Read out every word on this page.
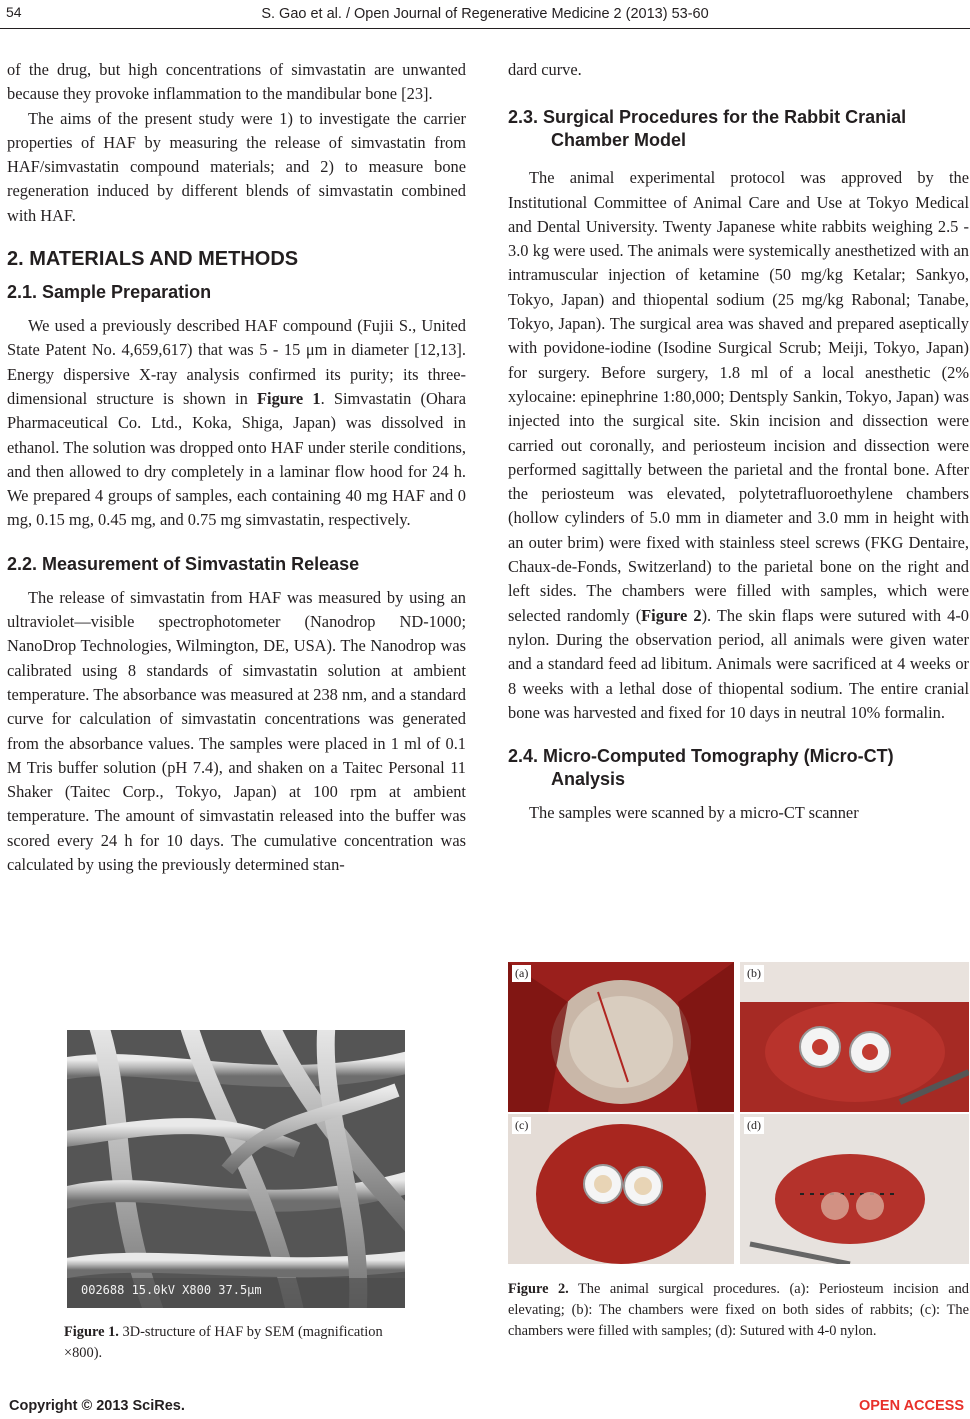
54	S. Gao et al. / Open Journal of Regenerative Medicine 2 (2013) 53-60

of the drug, but high concentrations of simvastatin are unwanted because they provoke inflammation to the mandibular bone [23].

The aims of the present study were 1) to investigate the carrier properties of HAF by measuring the release of simvastatin from HAF/simvastatin compound materials; and 2) to measure bone regeneration induced by different blends of simvastatin combined with HAF.

2. MATERIALS AND METHODS
2.1. Sample Preparation

We used a previously described HAF compound (Fujii S., United State Patent No. 4,659,617) that was 5 - 15 μm in diameter [12,13]. Energy dispersive X-ray analysis confirmed its purity; its three-dimensional structure is shown in Figure 1. Simvastatin (Ohara Pharmaceutical Co. Ltd., Koka, Shiga, Japan) was dissolved in ethanol. The solution was dropped onto HAF under sterile conditions, and then allowed to dry completely in a laminar flow hood for 24 h. We prepared 4 groups of samples, each containing 40 mg HAF and 0 mg, 0.15 mg, 0.45 mg, and 0.75 mg simvastatin, respectively.

2.2. Measurement of Simvastatin Release

The release of simvastatin from HAF was measured by using an ultraviolet—visible spectrophotometer (Nanodrop ND-1000; NanoDrop Technologies, Wilmington, DE, USA). The Nanodrop was calibrated using 8 standards of simvastatin solution at ambient temperature. The absorbance was measured at 238 nm, and a standard curve for calculation of simvastatin concentrations was generated from the absorbance values. The samples were placed in 1 ml of 0.1 M Tris buffer solution (pH 7.4), and shaken on a Taitec Personal 11 Shaker (Taitec Corp., Tokyo, Japan) at 100 rpm at ambient temperature. The amount of simvastatin released into the buffer was scored every 24 h for 10 days. The cumulative concentration was calculated by using the previously determined stan-

dard curve.

2.3. Surgical Procedures for the Rabbit Cranial Chamber Model

The animal experimental protocol was approved by the Institutional Committee of Animal Care and Use at Tokyo Medical and Dental University. Twenty Japanese white rabbits weighing 2.5 - 3.0 kg were used. The animals were systemically anesthetized with an intramuscular injection of ketamine (50 mg/kg Ketalar; Sankyo, Tokyo, Japan) and thiopental sodium (25 mg/kg Rabonal; Tanabe, Tokyo, Japan). The surgical area was shaved and prepared aseptically with povidone-iodine (Isodine Surgical Scrub; Meiji, Tokyo, Japan) for surgery. Before surgery, 1.8 ml of a local anesthetic (2% xylocaine: epinephrine 1:80,000; Dentsply Sankin, Tokyo, Japan) was injected into the surgical site. Skin incision and dissection were carried out coronally, and periosteum incision and dissection were performed sagittally between the parietal and the frontal bone. After the periosteum was elevated, polytetrafluoroethylene chambers (hollow cylinders of 5.0 mm in diameter and 3.0 mm in height with an outer brim) were fixed with stainless steel screws (FKG Dentaire, Chaux-de-Fonds, Switzerland) to the parietal bone on the right and left sides. The chambers were filled with samples, which were selected randomly (Figure 2). The skin flaps were sutured with 4-0 nylon. During the observation period, all animals were given water and a standard feed ad libitum. Animals were sacrificed at 4 weeks or 8 weeks with a lethal dose of thiopental sodium. The entire cranial bone was harvested and fixed for 10 days in neutral 10% formalin.

2.4. Micro-Computed Tomography (Micro-CT) Analysis

The samples were scanned by a micro-CT scanner

002688 15.0kV X800 37.5μm
Figure 1. 3D-structure of HAF by SEM (magnification ×800).
(a)	(b)
(c)	(d)
Figure 2. The animal surgical procedures. (a): Periosteum incision and elevating; (b): The chambers were fixed on both sides of rabbits; (c): The chambers were filled with samples; (d): Sutured with 4-0 nylon.
Copyright © 2013 SciRes.	OPEN ACCESS
